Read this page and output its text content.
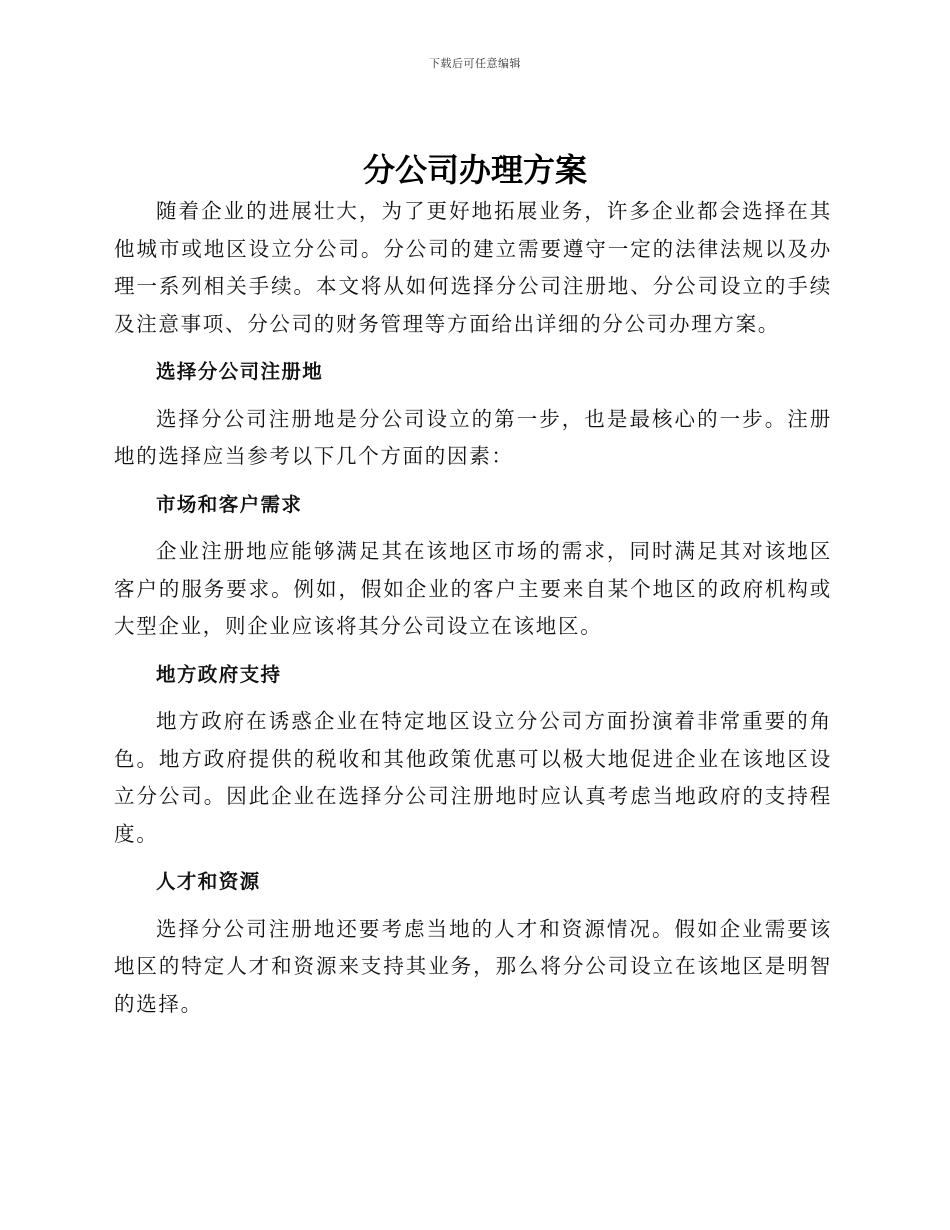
下载后可任意编辑
分公司办理方案

随着企业的进展壮大，为了更好地拓展业务，许多企业都会选择在其他城市或地区设立分公司。分公司的建立需要遵守一定的法律法规以及办理一系列相关手续。本文将从如何选择分公司注册地、分公司设立的手续及注意事项、分公司的财务管理等方面给出详细的分公司办理方案。

选择分公司注册地

选择分公司注册地是分公司设立的第一步，也是最核心的一步。注册地的选择应当参考以下几个方面的因素：

市场和客户需求

企业注册地应能够满足其在该地区市场的需求，同时满足其对该地区客户的服务要求。例如，假如企业的客户主要来自某个地区的政府机构或大型企业，则企业应该将其分公司设立在该地区。

地方政府支持

地方政府在诱惑企业在特定地区设立分公司方面扮演着非常重要的角色。地方政府提供的税收和其他政策优惠可以极大地促进企业在该地区设立分公司。因此企业在选择分公司注册地时应认真考虑当地政府的支持程度。

人才和资源

选择分公司注册地还要考虑当地的人才和资源情况。假如企业需要该地区的特定人才和资源来支持其业务，那么将分公司设立在该地区是明智的选择。
